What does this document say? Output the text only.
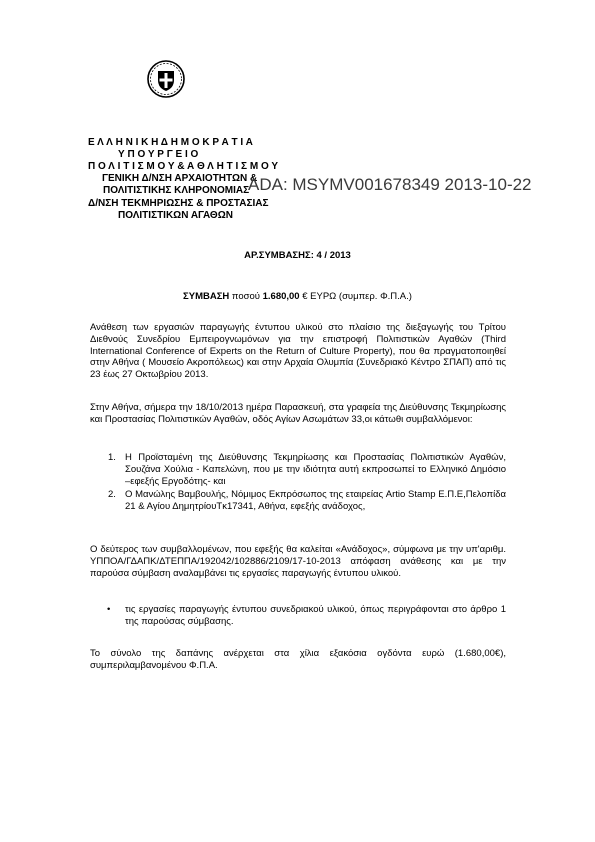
Ε Λ Λ Η Ν Ι Κ Η Δ Η Μ Ο Κ Ρ Α Τ Ι Α
Υ Π Ο Υ Ρ Γ Ε Ι Ο
Π Ο Λ Ι Τ Ι Σ Μ Ο Υ & Α Θ Λ Η Τ Ι Σ Μ Ο Υ
ΓΕΝΙΚΗ Δ/ΝΣΗ ΑΡΧΑΙΟΤΗΤΩΝ &
ΠΟΛΙΤΙΣΤΙΚΗΣ ΚΛΗΡΟΝΟΜΙΑΣ
Δ/ΝΣΗ ΤΕΚΜΗΡΙΩΣΗΣ & ΠΡΟΣΤΑΣΙΑΣ
ΠΟΛΙΤΙΣΤΙΚΩΝ ΑΓΑΘΩΝ
ADA: ΜSYMV001678349 2013-10-22
ΑΡ.ΣΥΜΒΑΣΗΣ: 4 / 2013
ΣΥΜΒΑΣΗ ποσού 1.680,00 € ΕΥΡΩ (συμπερ. Φ.Π.Α.)
Ανάθεση των εργασιών παραγωγής έντυπου υλικού στο πλαίσιο της διεξαγωγής του Τρίτου Διεθνούς Συνεδρίου Εμπειρογνωμόνων για την επιστροφή Πολιτιστικών Αγαθών (Third International Conference of Experts on the Return of Culture Property), που θα πραγματοποιηθεί στην Αθήνα ( Μουσείο Ακροπόλεως) και στην Αρχαία Ολυμπία (Συνεδριακό Κέντρο ΣΠΑΠ) από τις 23 έως 27 Οκτωβρίου 2013.
Στην Αθήνα, σήμερα την 18/10/2013 ημέρα Παρασκευή, στα γραφεία της Διεύθυνσης Τεκμηρίωσης και Προστασίας Πολιτιστικών Αγαθών, οδός Αγίων Ασωμάτων 33,οι κάτωθι συμβαλλόμενοι:
1. Η Προϊσταμένη της Διεύθυνσης Τεκμηρίωσης και Προστασίας Πολιτιστικών Αγαθών, Σουζάνα Χούλια - Καπελώνη, που με την ιδιότητα αυτή εκπροσωπεί το Ελληνικό Δημόσιο –εφεξής Εργοδότης- και
2. Ο Μανώλης Βαμβουλής, Νόμιμος Εκπρόσωπος της εταιρείας Artio Stamp Ε.Π.Ε,Πελοπίδα 21 & Αγίου ΔημητρίουΤκ17341, Αθήνα, εφεξής ανάδοχος,
Ο δεύτερος των συμβαλλομένων, που εφεξής θα καλείται «Ανάδοχος», σύμφωνα με την υπ'αριθμ. ΥΠΠΟΑ/ΓΔΑΠΚ/ΔΤΕΠΠΑ/192042/102886/2109/17-10-2013 απόφαση ανάθεσης και με την παρούσα σύμβαση αναλαμβάνει τις εργασίες παραγωγής έντυπου υλικού.
• τις εργασίες παραγωγής έντυπου συνεδριακού υλικού, όπως περιγράφονται στο άρθρο 1 της παρούσας σύμβασης.
Το σύνολο της δαπάνης ανέρχεται στα χίλια εξακόσια ογδόντα ευρώ (1.680,00€), συμπεριλαμβανομένου Φ.Π.Α.
